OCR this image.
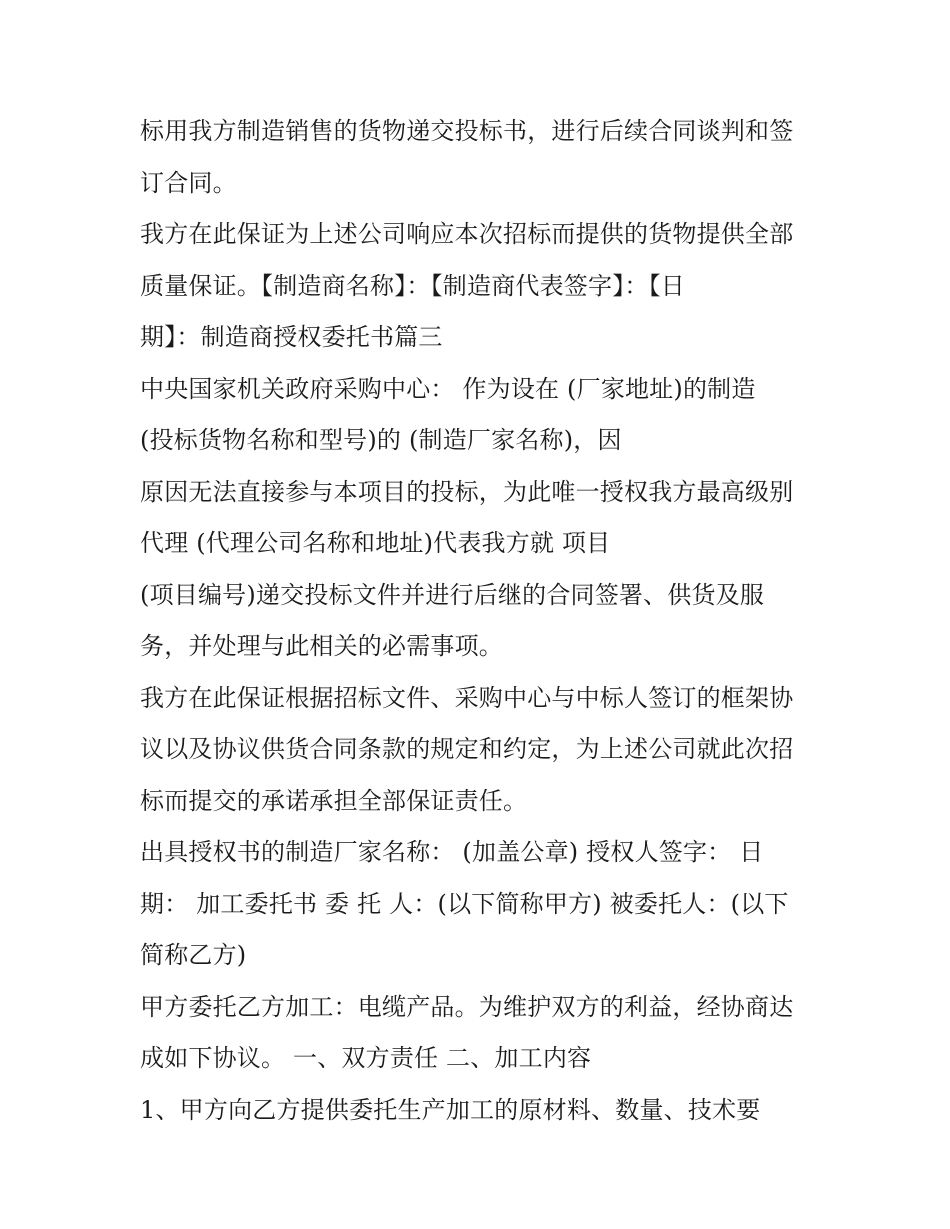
标用我方制造销售的货物递交投标书，进行后续合同谈判和签
订合同。
我方在此保证为上述公司响应本次招标而提供的货物提供全部
质量保证。【制造商名称】：【制造商代表签字】：【日
期】：制造商授权委托书篇三
中央国家机关政府采购中心： 作为设在 (厂家地址)的制造
(投标货物名称和型号)的 (制造厂家名称)，因
原因无法直接参与本项目的投标，为此唯一授权我方最高级别
代理 (代理公司名称和地址)代表我方就 项目
(项目编号)递交投标文件并进行后继的合同签署、供货及服
务，并处理与此相关的必需事项。
我方在此保证根据招标文件、采购中心与中标人签订的框架协
议以及协议供货合同条款的规定和约定，为上述公司就此次招
标而提交的承诺承担全部保证责任。
出具授权书的制造厂家名称： (加盖公章) 授权人签字： 日
期： 加工委托书 委 托 人：(以下简称甲方) 被委托人：(以下
简称乙方)
甲方委托乙方加工：电缆产品。为维护双方的利益，经协商达
成如下协议。 一、双方责任 二、加工内容
1、甲方向乙方提供委托生产加工的原材料、数量、技术要
